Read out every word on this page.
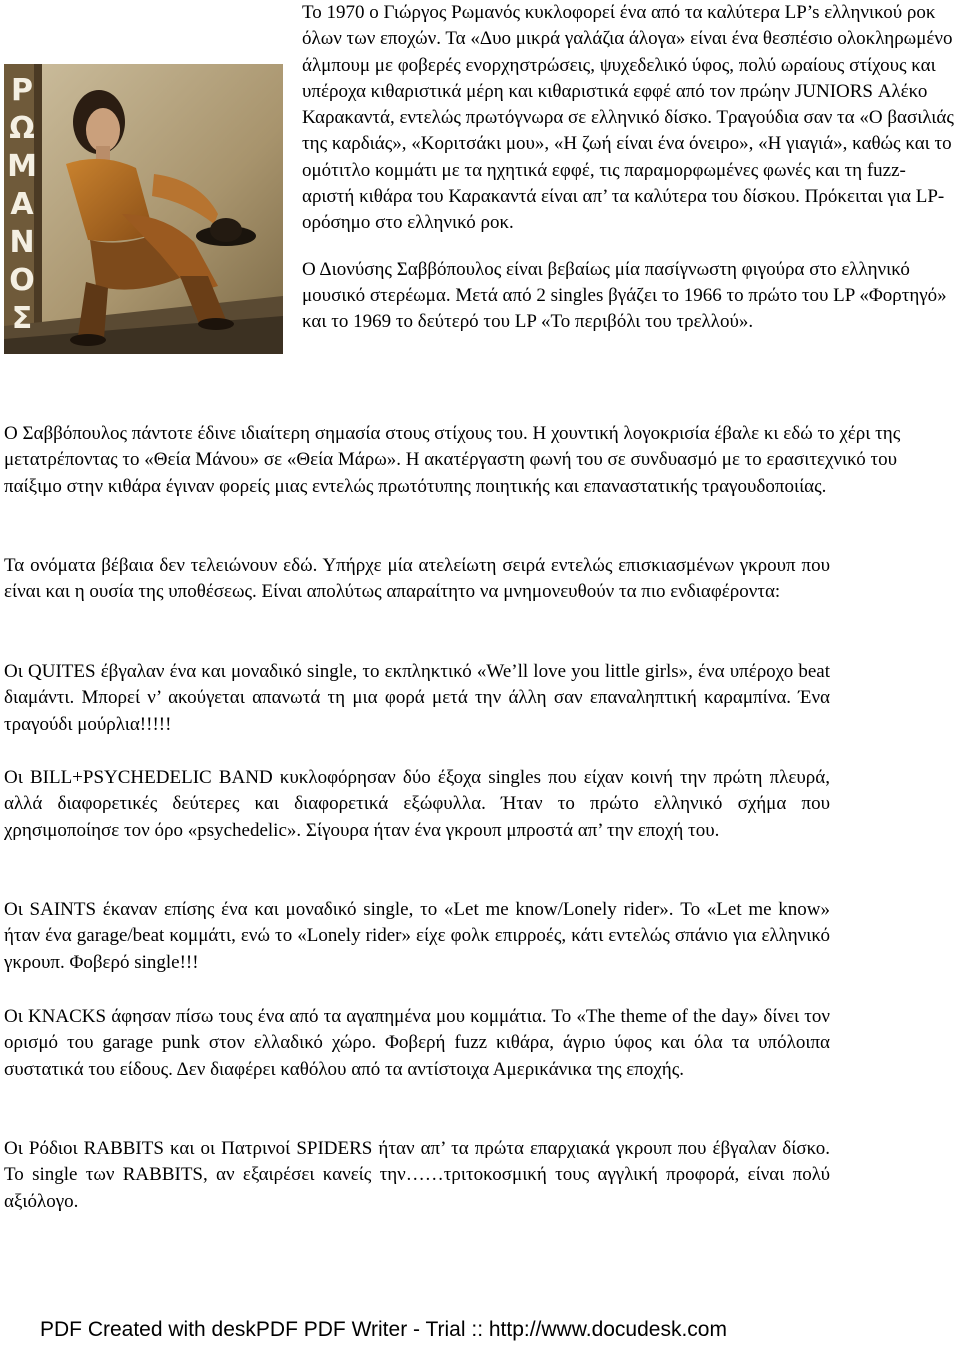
Ρ
Ω
Μ
Α
Ν
Ο
Σ

Το 1970 ο Γιώργος Ρωμανός κυκλοφορεί ένα από τα καλύτερα LP’s ελληνικού ροκ όλων των εποχών. Τα «Δυο μικρά γαλάζια άλογα» είναι ένα θεσπέσιο ολοκληρωμένο άλμπουμ με φοβερές ενορχηστρώσεις, ψυχεδελικό ύφος, πολύ ωραίους στίχους και υπέροχα κιθαριστικά μέρη και κιθαριστικά εφφέ από τον πρώην JUNIORS Αλέκο Καρακαντά, εντελώς πρωτόγνωρα σε ελληνικό δίσκο. Τραγούδια σαν τα «Ο βασιλιάς της καρδιάς», «Κοριτσάκι μου», «Η ζωή είναι ένα όνειρο», «Η γιαγιά», καθώς και το ομότιτλο κομμάτι με τα ηχητικά εφφέ, τις παραμορφωμένες φωνές και τη fuzz-αριστή κιθάρα του Καρακαντά είναι απ’ τα καλύτερα του δίσκου. Πρόκειται για LP-ορόσημο στο ελληνικό ροκ.

Ο Διονύσης Σαββόπουλος είναι βεβαίως μία πασίγνωστη φιγούρα στο ελληνικό μουσικό στερέωμα. Μετά από 2 singles βγάζει το 1966 το πρώτο του LP «Φορτηγό» και το 1969 το δεύτερό του LP «Το περιβόλι του τρελλού».

Ο Σαββόπουλος πάντοτε έδινε ιδιαίτερη σημασία στους στίχους του. Η χουντική λογοκρισία έβαλε κι εδώ το χέρι της μετατρέποντας το «Θεία Μάνου» σε «Θεία Μάρω». Η ακατέργαστη φωνή του σε συνδυασμό με το ερασιτεχνικό του παίξιμο στην κιθάρα έγιναν φορείς μιας εντελώς πρωτότυπης ποιητικής και επαναστατικής τραγουδοποιίας.

Τα ονόματα βέβαια δεν τελειώνουν εδώ. Υπήρχε μία ατελείωτη σειρά εντελώς επισκιασμένων γκρουπ που είναι και η ουσία της υποθέσεως. Είναι απολύτως απαραίτητο να μνημονευθούν τα πιο ενδιαφέροντα:

Οι QUITES έβγαλαν ένα και μοναδικό single, το εκπληκτικό «We’ll love you little girls», ένα υπέροχο beat διαμάντι. Μπορεί ν’ ακούγεται απανωτά τη μια φορά μετά την άλλη σαν επαναληπτική καραμπίνα. Ένα τραγούδι μούρλια!!!!!

Οι BILL+PSYCHEDELIC BAND κυκλοφόρησαν δύο έξοχα singles που είχαν κοινή την πρώτη πλευρά, αλλά διαφορετικές δεύτερες και διαφορετικά εξώφυλλα. Ήταν το πρώτο ελληνικό σχήμα που χρησιμοποίησε τον όρο «psychedelic». Σίγουρα ήταν ένα γκρουπ μπροστά απ’ την εποχή του.

Οι SAINTS έκαναν επίσης ένα και μοναδικό single, το «Let me know/Lonely rider». Το «Let me know» ήταν ένα garage/beat κομμάτι, ενώ το «Lonely rider» είχε φολκ επιρροές, κάτι εντελώς σπάνιο για ελληνικό γκρουπ. Φοβερό single!!!

Οι KNACKS άφησαν πίσω τους ένα από τα αγαπημένα μου κομμάτια. Το «The theme of the day» δίνει τον ορισμό του garage punk στον ελλαδικό χώρο. Φοβερή fuzz κιθάρα, άγριο ύφος και όλα τα υπόλοιπα συστατικά του είδους. Δεν διαφέρει καθόλου από τα αντίστοιχα Αμερικάνικα της εποχής.

Οι Ρόδιοι RABBITS και οι Πατρινοί SPIDERS ήταν απ’ τα πρώτα επαρχιακά γκρουπ που έβγαλαν δίσκο. Το single των RABBITS, αν εξαιρέσει κανείς την……τριτοκοσμική τους αγγλική προφορά, είναι πολύ αξιόλογο.

PDF Created with deskPDF PDF Writer - Trial :: http://www.docudesk.com
